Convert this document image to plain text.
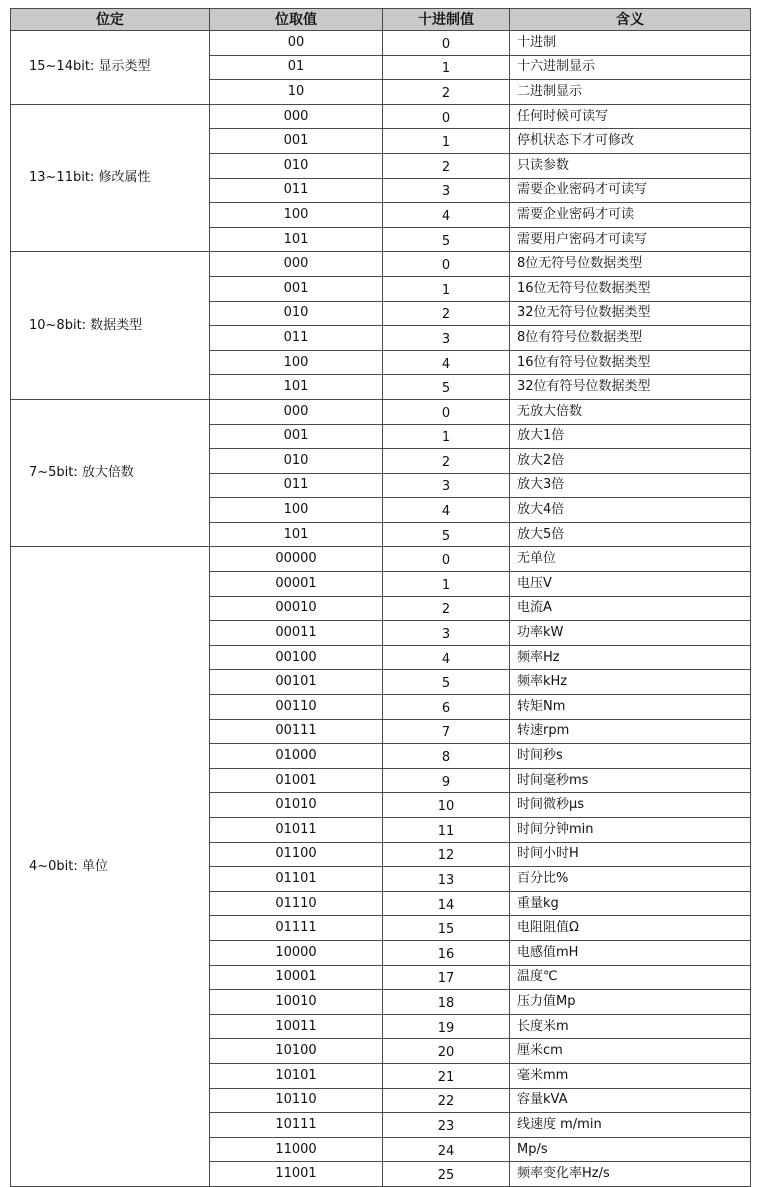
位定	位取值	十进制值	含义
15~14bit: 显示类型	00	0	十进制
	01	1	十六进制显示
	10	2	二进制显示
13~11bit: 修改属性	000	0	任何时候可读写
	001	1	停机状态下才可修改
	010	2	只读参数
	011	3	需要企业密码才可读写
	100	4	需要企业密码才可读
	101	5	需要用户密码才可读写
10~8bit: 数据类型	000	0	8位无符号位数据类型
	001	1	16位无符号位数据类型
	010	2	32位无符号位数据类型
	011	3	8位有符号位数据类型
	100	4	16位有符号位数据类型
	101	5	32位有符号位数据类型
7~5bit: 放大倍数	000	0	无放大倍数
	001	1	放大1倍
	010	2	放大2倍
	011	3	放大3倍
	100	4	放大4倍
	101	5	放大5倍
4~0bit: 单位	00000	0	无单位
	00001	1	电压V
	00010	2	电流A
	00011	3	功率kW
	00100	4	频率Hz
	00101	5	频率kHz
	00110	6	转矩Nm
	00111	7	转速rpm
	01000	8	时间秒s
	01001	9	时间毫秒ms
	01010	10	时间微秒μs
	01011	11	时间分钟min
	01100	12	时间小时H
	01101	13	百分比%
	01110	14	重量kg
	01111	15	电阻阻值Ω
	10000	16	电感值mH
	10001	17	温度℃
	10010	18	压力值Mp
	10011	19	长度米m
	10100	20	厘米cm
	10101	21	毫米mm
	10110	22	容量kVA
	10111	23	线速度 m/min
	11000	24	Mp/s
	11001	25	频率变化率Hz/s
